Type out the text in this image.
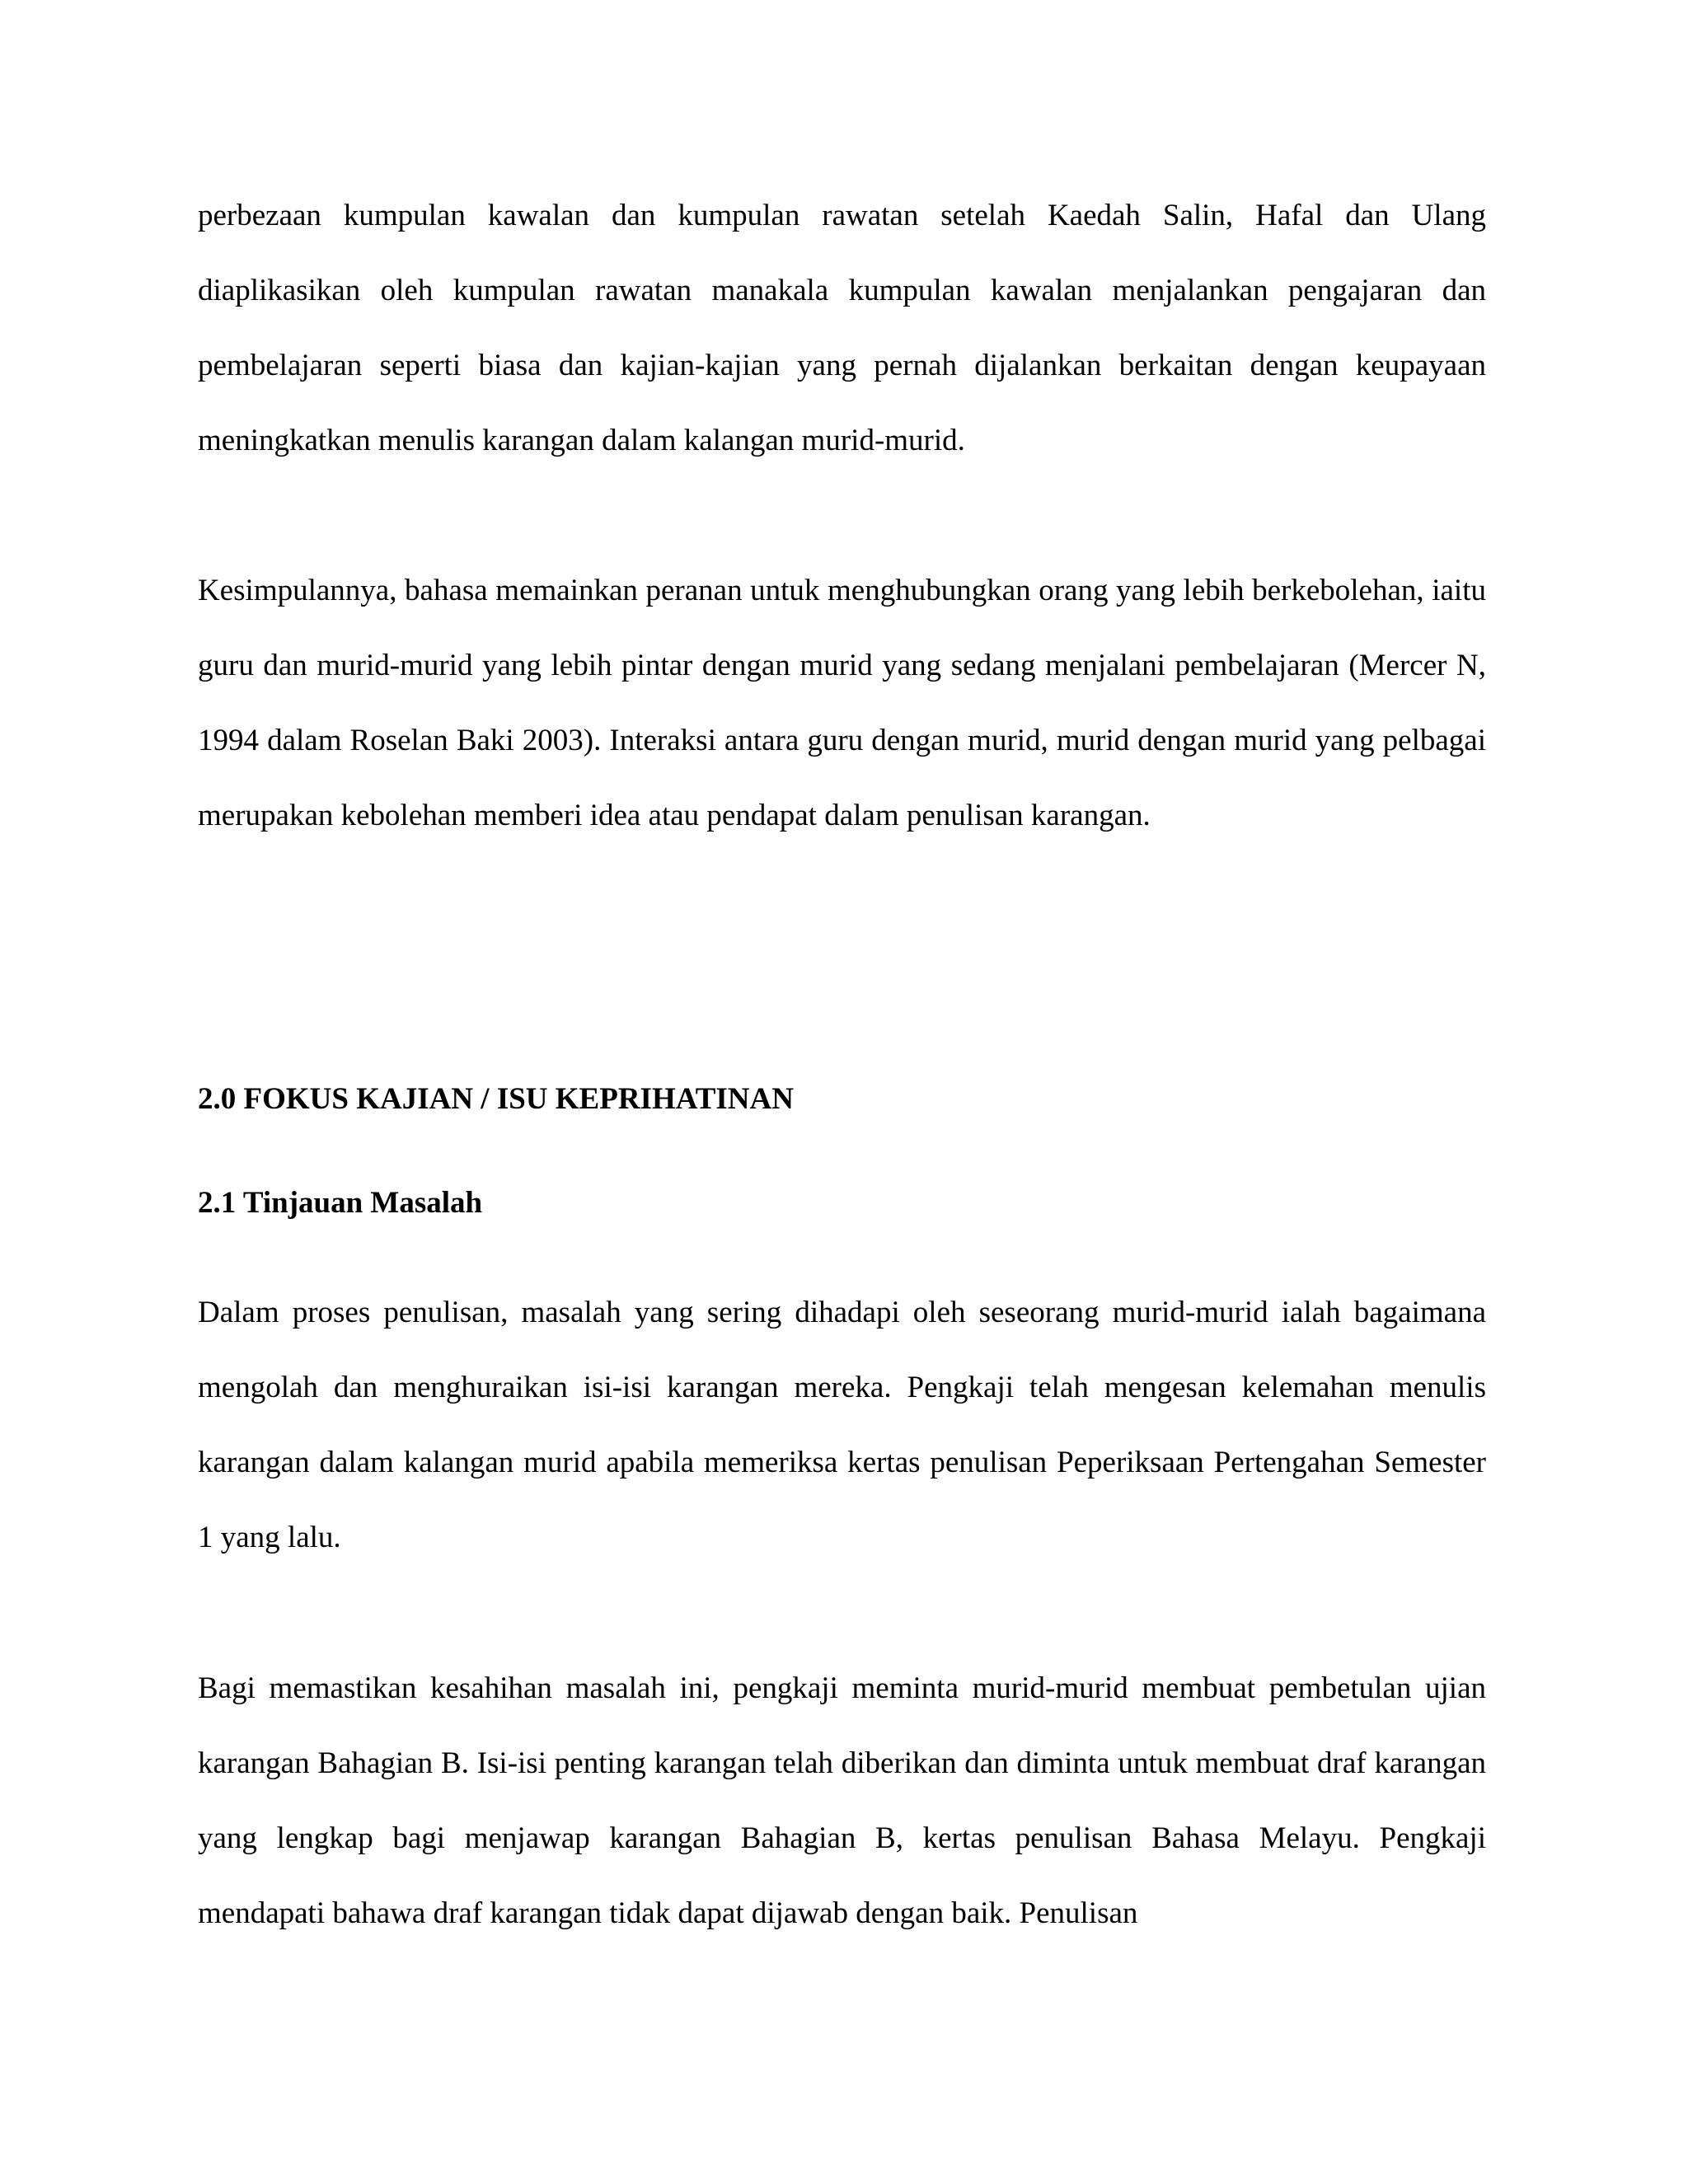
perbezaan kumpulan kawalan dan kumpulan rawatan setelah Kaedah Salin, Hafal dan Ulang diaplikasikan oleh kumpulan rawatan manakala kumpulan kawalan menjalankan pengajaran dan pembelajaran seperti biasa dan kajian-kajian yang pernah dijalankan berkaitan dengan keupayaan meningkatkan menulis karangan dalam kalangan murid-murid.

Kesimpulannya, bahasa memainkan peranan untuk menghubungkan orang yang lebih berkebolehan, iaitu guru dan murid-murid yang lebih pintar dengan murid yang sedang menjalani pembelajaran (Mercer N, 1994 dalam Roselan Baki 2003). Interaksi antara guru dengan murid, murid dengan murid yang pelbagai merupakan kebolehan memberi idea atau pendapat dalam penulisan karangan.

2.0 FOKUS KAJIAN / ISU KEPRIHATINAN
2.1 Tinjauan Masalah

Dalam proses penulisan, masalah yang sering dihadapi oleh seseorang murid-murid ialah bagaimana mengolah dan menghuraikan isi-isi karangan mereka. Pengkaji telah mengesan kelemahan menulis karangan dalam kalangan murid apabila memeriksa kertas penulisan Peperiksaan Pertengahan Semester 1 yang lalu.

Bagi memastikan kesahihan masalah ini, pengkaji meminta murid-murid membuat pembetulan ujian karangan Bahagian B. Isi-isi penting karangan telah diberikan dan diminta untuk membuat draf karangan yang lengkap bagi menjawap karangan Bahagian B, kertas penulisan Bahasa Melayu. Pengkaji mendapati bahawa draf karangan tidak dapat dijawab dengan baik. Penulisan
